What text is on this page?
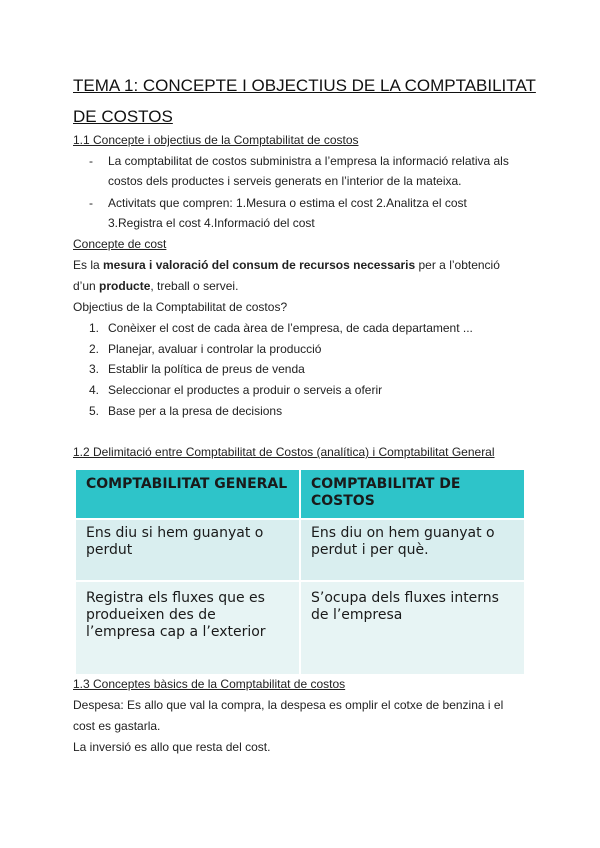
TEMA 1: CONCEPTE I OBJECTIUS DE LA COMPTABILITAT DE COSTOS
1.1 Concepte i objectius de la Comptabilitat de costos
- La comptabilitat de costos subministra a l’empresa la informació relativa als
costos dels productes i serveis generats en l’interior de la mateixa.
- Activitats que compren: 1.Mesura o estima el cost 2.Analitza el cost
3.Registra el cost 4.Informació del cost
Concepte de cost
Es la mesura i valoració del consum de recursos necessaris per a l’obtenció
d’un producte, treball o servei.
Objectius de la Comptabilitat de costos?
1. Conèixer el cost de cada àrea de l’empresa, de cada departament ...
2. Planejar, avaluar i controlar la producció
3. Establir la política de preus de venda
4. Seleccionar el productes a produir o serveis a oferir
5. Base per a la presa de decisions
1.2 Delimitació entre Comptabilitat de Costos (analítica) i Comptabilitat General
COMPTABILITAT GENERAL	COMPTABILITAT DE COSTOS
Ens diu si hem guanyat o perdut	Ens diu on hem guanyat o perdut i per què.
Registra els fluxes que es produeixen des de l’empresa cap a l’exterior	S’ocupa dels fluxes interns de l’empresa
1.3 Conceptes bàsics de la Comptabilitat de costos
Despesa: Es allo que val la compra, la despesa es omplir el cotxe de benzina i el
cost es gastarla.
La inversió es allo que resta del cost.
